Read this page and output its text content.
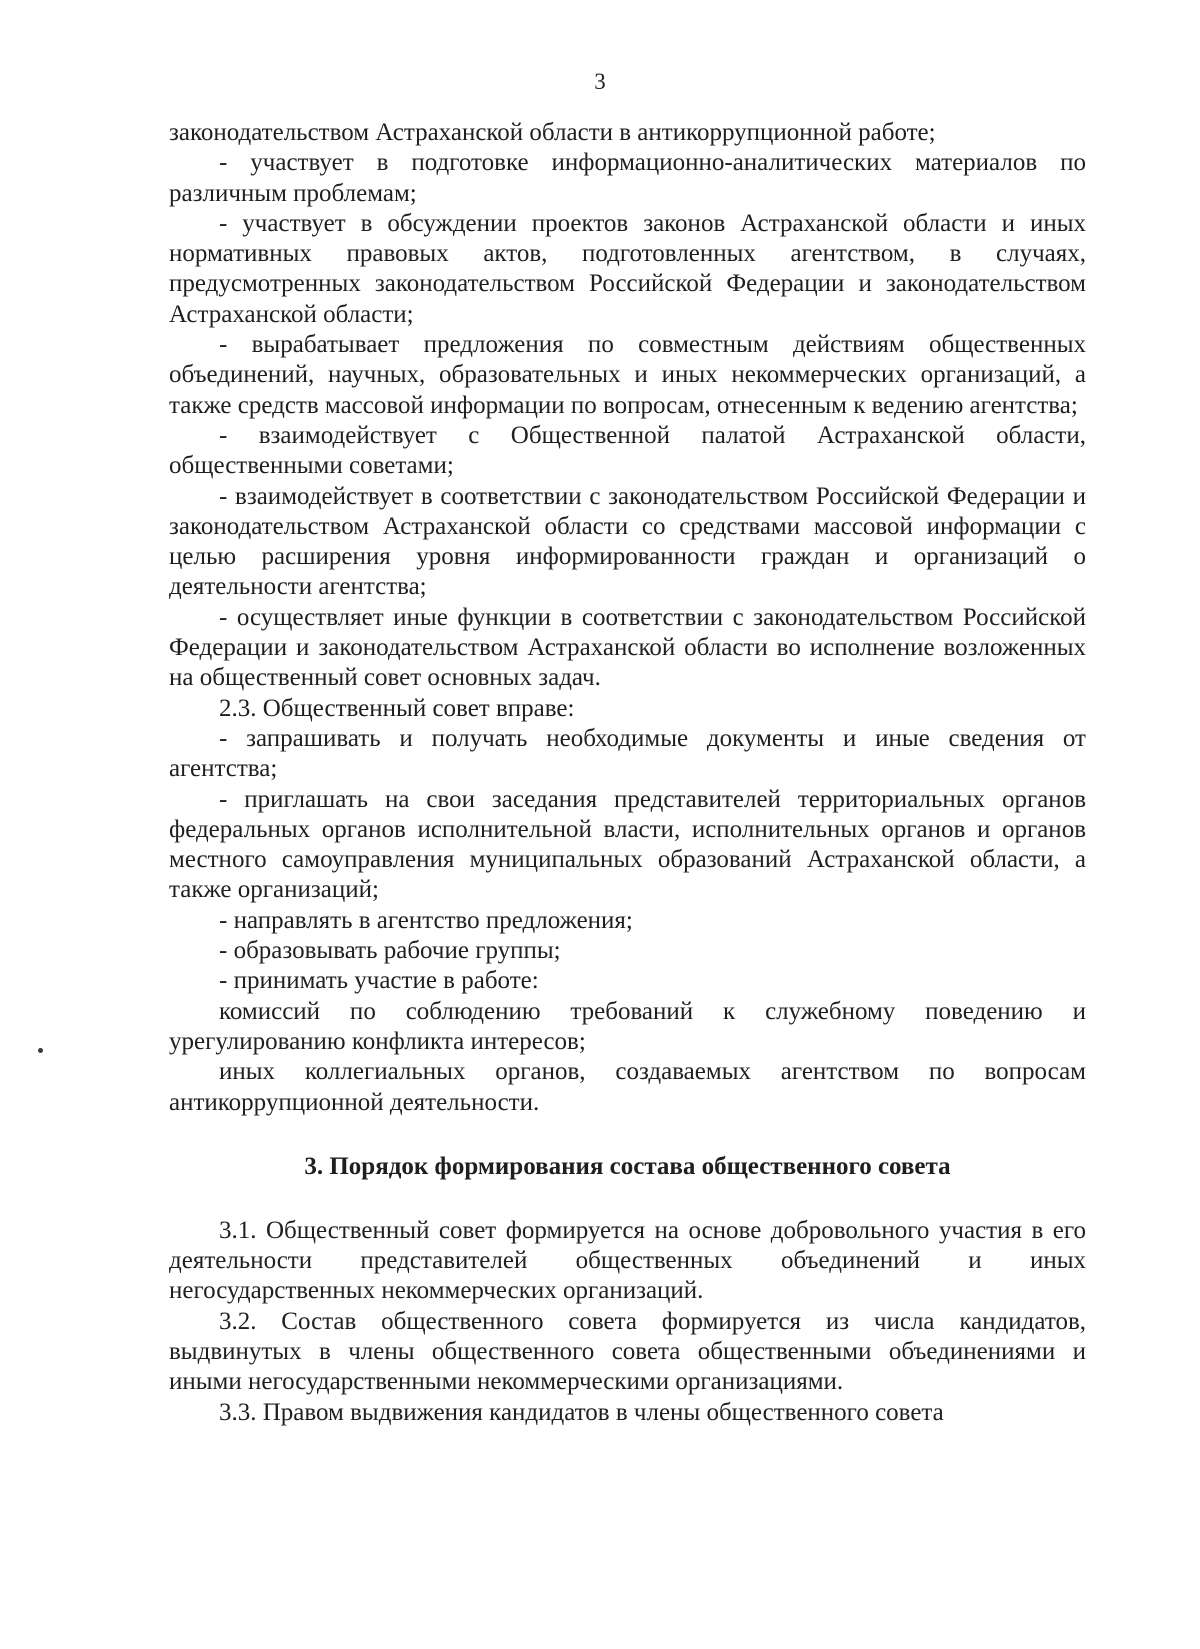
3

законодательством Астраханской области в антикоррупционной работе;

- участвует в подготовке информационно-аналитических материалов по различным проблемам;

- участвует в обсуждении проектов законов Астраханской области и иных нормативных правовых актов, подготовленных агентством, в случаях, предусмотренных законодательством Российской Федерации и законодательством Астраханской области;

- вырабатывает предложения по совместным действиям общественных объединений, научных, образовательных и иных некоммерческих организаций, а также средств массовой информации по вопросам, отнесенным к ведению агентства;

- взаимодействует с Общественной палатой Астраханской области, общественными советами;

- взаимодействует в соответствии с законодательством Российской Федерации и законодательством Астраханской области со средствами массовой информации с целью расширения уровня информированности граждан и организаций о деятельности агентства;

- осуществляет иные функции в соответствии с законодательством Российской Федерации и законодательством Астраханской области во исполнение возложенных на общественный совет основных задач.

2.3. Общественный совет вправе:

- запрашивать и получать необходимые документы и иные сведения от агентства;

- приглашать на свои заседания представителей территориальных органов федеральных органов исполнительной власти, исполнительных органов и органов местного самоуправления муниципальных образований Астраханской области, а также организаций;

- направлять в агентство предложения;

- образовывать рабочие группы;

- принимать участие в работе:

комиссий по соблюдению требований к служебному поведению и урегулированию конфликта интересов;

иных коллегиальных органов, создаваемых агентством по вопросам антикоррупционной деятельности.

3. Порядок формирования состава общественного совета

3.1. Общественный совет формируется на основе добровольного участия в его деятельности представителей общественных объединений и иных негосударственных некоммерческих организаций.

3.2. Состав общественного совета формируется из числа кандидатов, выдвинутых в члены общественного совета общественными объединениями и иными негосударственными некоммерческими организациями.

3.3. Правом выдвижения кандидатов в члены общественного совета
